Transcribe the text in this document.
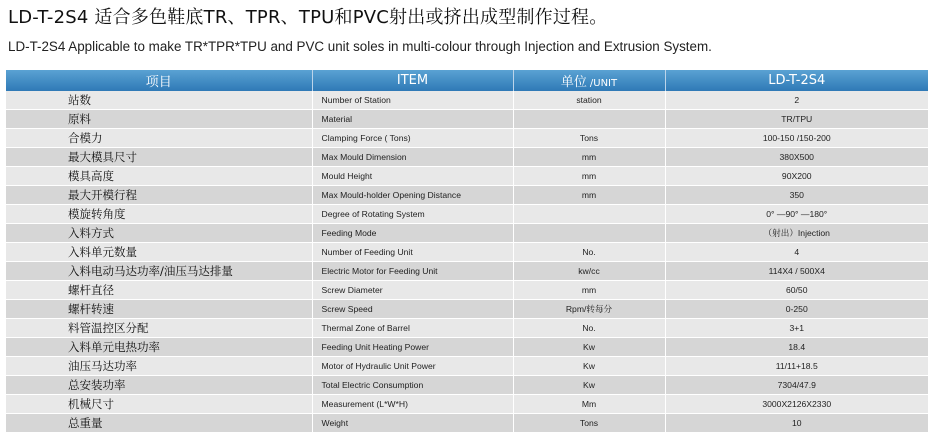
LD-T-2S4 适合多色鞋底TR、TPR、TPU和PVC射出或挤出成型制作过程。

LD-T-2S4 Applicable to make TR*TPR*TPU and PVC unit soles in multi-colour through Injection and Extrusion System.

项目	ITEM	单位 /UNIT	LD-T-2S4
站数	Number of Station	station	2
原料	Material		TR/TPU
合模力	Clamping Force ( Tons)	Tons	100-150 /150-200
最大模具尺寸	Max Mould Dimension	mm	380X500
模具高度	Mould Height	mm	90X200
最大开模行程	Max Mould-holder Opening Distance	mm	350
模旋转角度	Degree of Rotating System		0° —90° —180°
入料方式	Feeding Mode		（射出）Injection
入料单元数量	Number of Feeding Unit	No.	4
入料电动马达功率/油压马达排量	Electric Motor for Feeding Unit	kw/cc	114X4 / 500X4
螺杆直径	Screw Diameter	mm	60/50
螺杆转速	Screw Speed	Rpm/转每分	0-250
料管温控区分配	Thermal Zone of Barrel	No.	3+1
入料单元电热功率	Feeding Unit Heating Power	Kw	18.4
油压马达功率	Motor of Hydraulic Unit Power	Kw	11/11+18.5
总安装功率	Total Electric Consumption	Kw	7304/47.9
机械尺寸	Measurement (L*W*H)	Mm	3000X2126X2330
总重量	Weight	Tons	10
